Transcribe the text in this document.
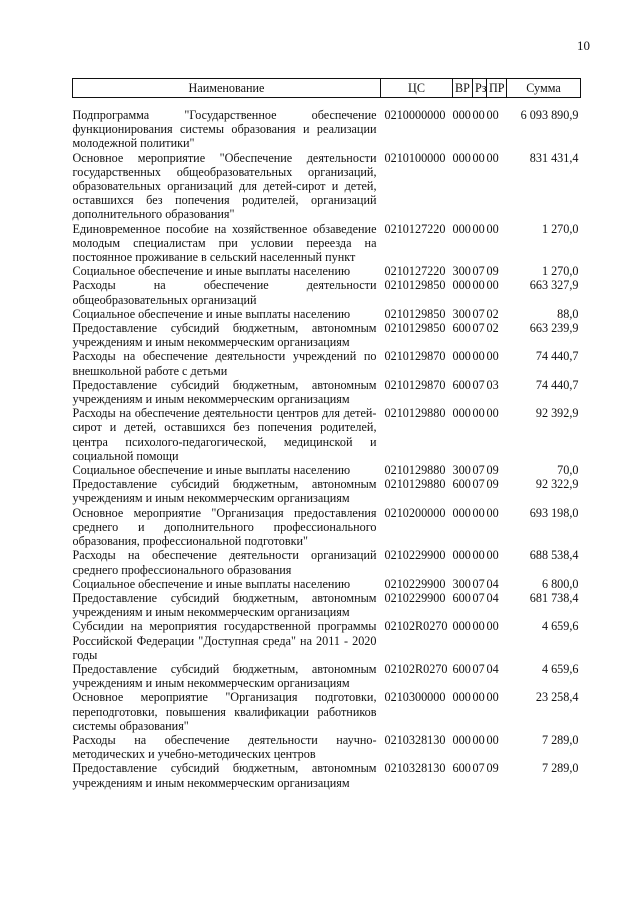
10
Наименование	ЦС	ВР	Рз	ПР	Сумма

Подпрограмма "Государственное обеспечение функционирования системы образования и реализации молодежной политики"	0210000000	000	00	00	6 093 890,9
Основное мероприятие "Обеспечение деятельности государственных общеобразовательных организаций, образовательных организаций для детей-сирот и детей, оставшихся без попечения родителей, организаций дополнительного образования"	0210100000	000	00	00	831 431,4
Единовременное пособие на хозяйственное обзаведение молодым специалистам при условии переезда на постоянное проживание в сельский населенный пункт	0210127220	000	00	00	1 270,0
Социальное обеспечение и иные выплаты населению	0210127220	300	07	09	1 270,0
Расходы на обеспечение деятельности общеобразовательных организаций	0210129850	000	00	00	663 327,9
Социальное обеспечение и иные выплаты населению	0210129850	300	07	02	88,0
Предоставление субсидий бюджетным, автономным учреждениям и иным некоммерческим организациям	0210129850	600	07	02	663 239,9
Расходы на обеспечение деятельности учреждений по внешкольной работе с детьми	0210129870	000	00	00	74 440,7
Предоставление субсидий бюджетным, автономным учреждениям и иным некоммерческим организациям	0210129870	600	07	03	74 440,7
Расходы на обеспечение деятельности центров для детей-сирот и детей, оставшихся без попечения родителей, центра психолого-педагогической, медицинской и социальной помощи	0210129880	000	00	00	92 392,9
Социальное обеспечение и иные выплаты населению	0210129880	300	07	09	70,0
Предоставление субсидий бюджетным, автономным учреждениям и иным некоммерческим организациям	0210129880	600	07	09	92 322,9
Основное мероприятие "Организация предоставления среднего и дополнительного профессионального образования, профессиональной подготовки"	0210200000	000	00	00	693 198,0
Расходы на обеспечение деятельности организаций среднего профессионального образования	0210229900	000	00	00	688 538,4
Социальное обеспечение и иные выплаты населению	0210229900	300	07	04	6 800,0
Предоставление субсидий бюджетным, автономным учреждениям и иным некоммерческим организациям	0210229900	600	07	04	681 738,4
Субсидии на мероприятия государственной программы Российской Федерации "Доступная среда" на 2011 - 2020 годы	02102R0270	000	00	00	4 659,6
Предоставление субсидий бюджетным, автономным учреждениям и иным некоммерческим организациям	02102R0270	600	07	04	4 659,6
Основное мероприятие "Организация подготовки, переподготовки, повышения квалификации работников системы образования"	0210300000	000	00	00	23 258,4
Расходы на обеспечение деятельности научно-методических и учебно-методических центров	0210328130	000	00	00	7 289,0
Предоставление субсидий бюджетным, автономным учреждениям и иным некоммерческим организациям	0210328130	600	07	09	7 289,0
